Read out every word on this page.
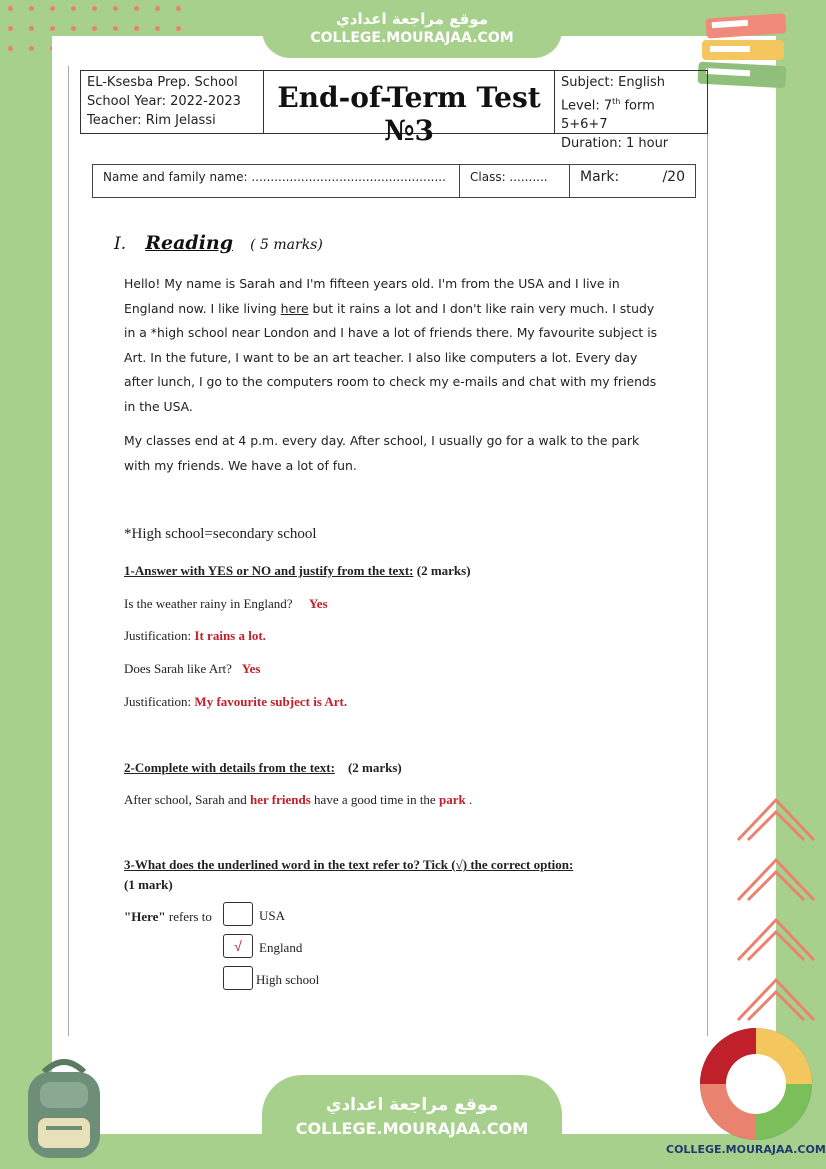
موقع مراجعة اعدادي
COLLEGE.MOURAJAA.COM
EL-Ksesba Prep. School
School Year: 2022-2023
Teacher: Rim Jelassi
End-of-Term Test №3
Subject: English
Level: 7th form 5+6+7
Duration: 1 hour
Name and family name: ...................................................	Class: ..........	Mark:	/20
I. Reading ( 5 marks)

Hello! My name is Sarah and I'm fifteen years old. I'm from the USA and I live in England now. I like living here but it rains a lot and I don't like rain very much. I study in a *high school near London and I have a lot of friends there. My favourite subject is Art. In the future, I want to be an art teacher. I also like computers a lot. Every day after lunch, I go to the computers room to check my e-mails and chat with my friends in the USA.

My classes end at 4 p.m. every day. After school, I usually go for a walk to the park with my friends. We have a lot of fun.

*High school=secondary school
1-Answer with YES or NO and justify from the text: (2 marks)
Is the weather rainy in England? Yes
Justification: It rains a lot.
Does Sarah like Art? Yes
Justification: My favourite subject is Art.
2-Complete with details from the text: (2 marks)
After school, Sarah and her friends have a good time in the park .
3-What does the underlined word in the text refer to? Tick (√) the correct option:
(1 mark)
"Here" refers to	USA
√	England
High school
موقع مراجعة اعدادي
COLLEGE.MOURAJAA.COM
COLLEGE.MOURAJAA.COM
